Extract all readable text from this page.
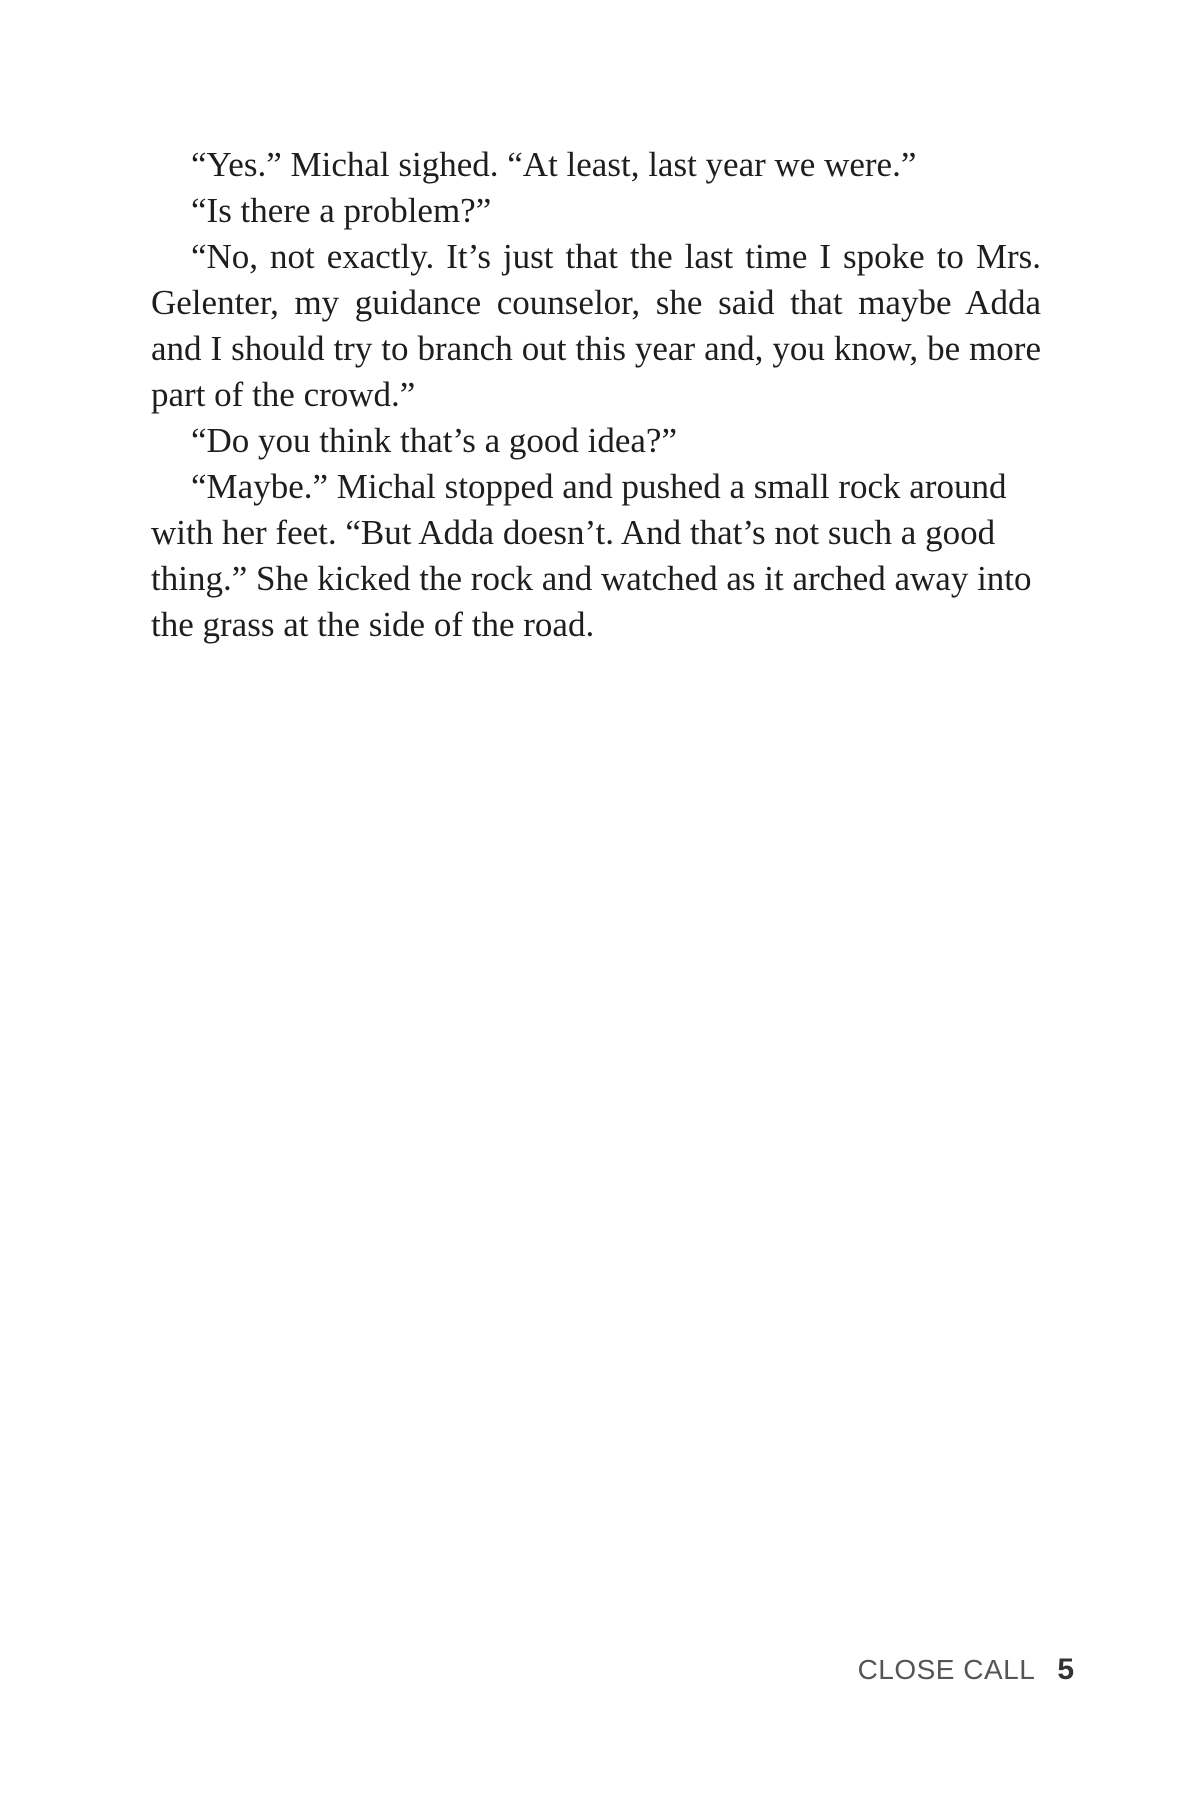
“Yes.” Michal sighed. “At least, last year we were.”

“Is there a problem?”

“No, not exactly. It’s just that the last time I spoke to Mrs. Gelenter, my guidance counselor, she said that maybe Adda and I should try to branch out this year and, you know, be more part of the crowd.”

“Do you think that’s a good idea?”

“Maybe.” Michal stopped and pushed a small rock around with her feet. “But Adda doesn’t. And that’s not such a good thing.” She kicked the rock and watched as it arched away into the grass at the side of the road.

CLOSE CALL 5
